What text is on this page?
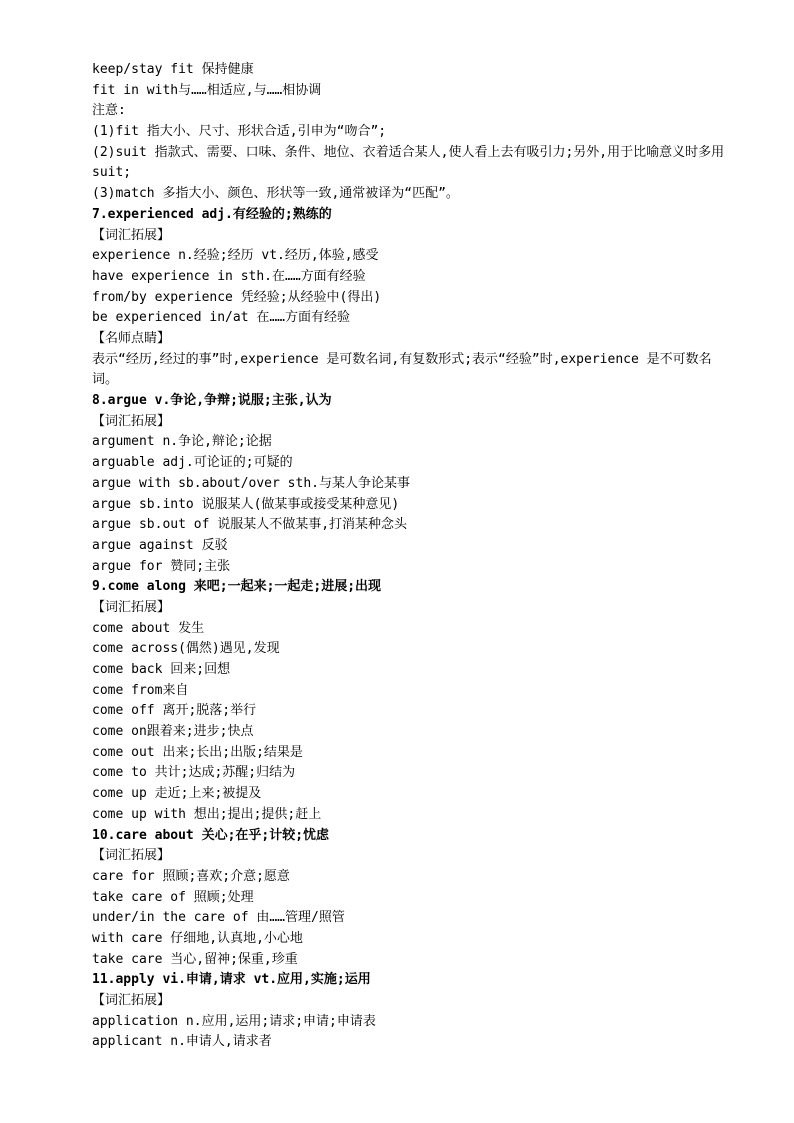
keep/stay fit 保持健康
fit in with与……相适应,与……相协调
注意:
(1)fit 指大小、尺寸、形状合适,引申为“吻合”;
(2)suit 指款式、需要、口味、条件、地位、衣着适合某人,使人看上去有吸引力;另外,用于比喻意义时多用 suit;
(3)match 多指大小、颜色、形状等一致,通常被译为“匹配”。
7.experienced adj.有经验的;熟练的
【词汇拓展】
experience n.经验;经历 vt.经历,体验,感受
have experience in sth.在……方面有经验
from/by experience 凭经验;从经验中(得出)
be experienced in/at 在……方面有经验
【名师点睛】
表示“经历,经过的事”时,experience 是可数名词,有复数形式;表示“经验”时,experience 是不可数名词。
8.argue v.争论,争辩;说服;主张,认为
【词汇拓展】
argument n.争论,辩论;论据
arguable adj.可论证的;可疑的
argue with sb.about/over sth.与某人争论某事
argue sb.into 说服某人(做某事或接受某种意见)
argue sb.out of 说服某人不做某事,打消某种念头
argue against 反驳
argue for 赞同;主张
9.come along 来吧;一起来;一起走;进展;出现
【词汇拓展】
come about 发生
come across(偶然)遇见,发现
come back 回来;回想
come from来自
come off 离开;脱落;举行
come on跟着来;进步;快点
come out 出来;长出;出版;结果是
come to 共计;达成;苏醒;归结为
come up 走近;上来;被提及
come up with 想出;提出;提供;赶上
10.care about 关心;在乎;计较;忧虑
【词汇拓展】
care for 照顾;喜欢;介意;愿意
take care of 照顾;处理
under/in the care of 由……管理/照管
with care 仔细地,认真地,小心地
take care 当心,留神;保重,珍重
11.apply vi.申请,请求 vt.应用,实施;运用
【词汇拓展】
application n.应用,运用;请求;申请;申请表
applicant n.申请人,请求者
